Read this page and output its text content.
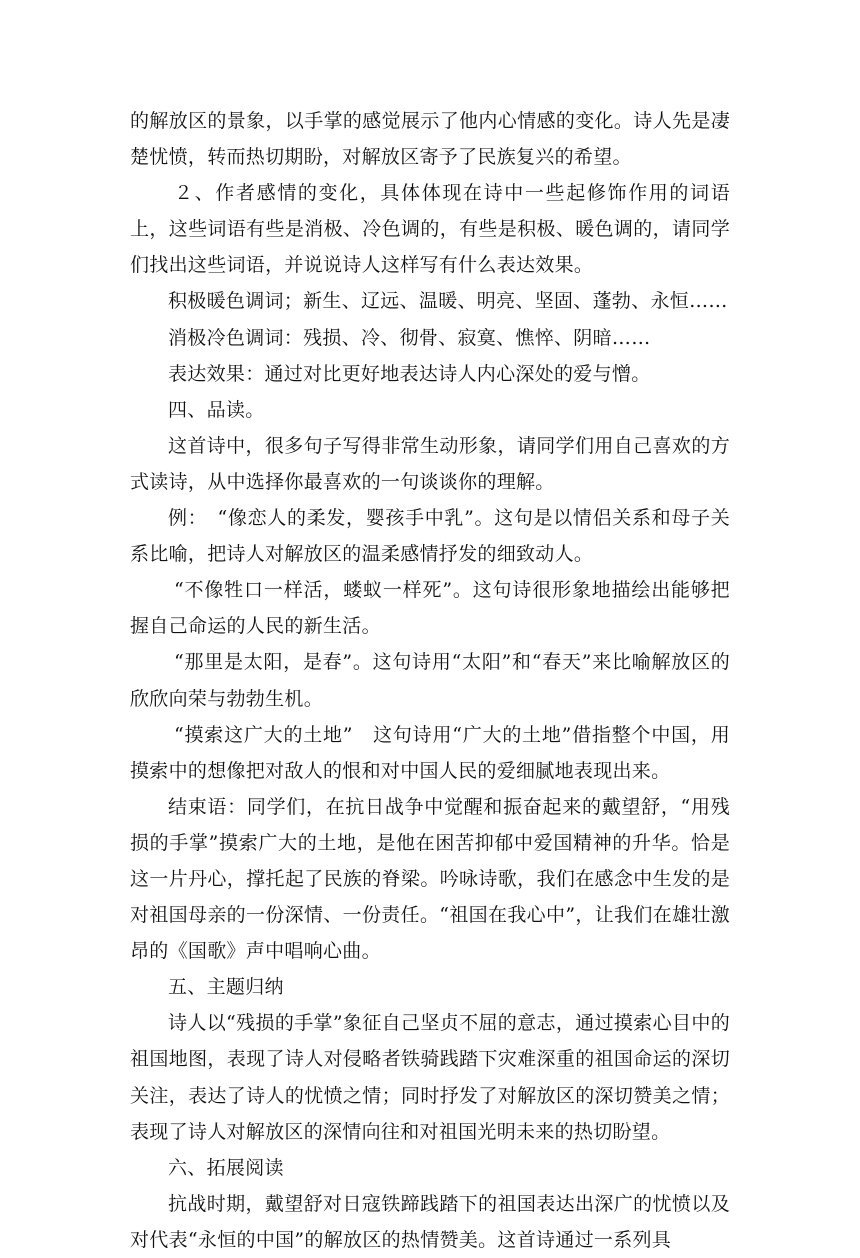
的解放区的景象，以手掌的感觉展示了他内心情感的变化。诗人先是凄楚忧愤，转而热切期盼，对解放区寄予了民族复兴的希望。

２、作者感情的变化，具体体现在诗中一些起修饰作用的词语上，这些词语有些是消极、冷色调的，有些是积极、暖色调的，请同学们找出这些词语，并说说诗人这样写有什么表达效果。

积极暖色调词；新生、辽远、温暖、明亮、坚固、蓬勃、永恒……

消极冷色调词：残损、冷、彻骨、寂寞、憔悴、阴暗……

表达效果：通过对比更好地表达诗人内心深处的爱与憎。

四、品读。

这首诗中，很多句子写得非常生动形象，请同学们用自己喜欢的方式读诗，从中选择你最喜欢的一句谈谈你的理解。

例：　“像恋人的柔发，婴孩手中乳”。这句是以情侣关系和母子关系比喻，把诗人对解放区的温柔感情抒发的细致动人。

“不像牲口一样活，蝼蚁一样死”。这句诗很形象地描绘出能够把握自己命运的人民的新生活。

“那里是太阳，是春”。这句诗用“太阳”和“春天”来比喻解放区的欣欣向荣与勃勃生机。

“摸索这广大的土地”　这句诗用“广大的土地”借指整个中国，用摸索中的想像把对敌人的恨和对中国人民的爱细腻地表现出来。

结束语：同学们，在抗日战争中觉醒和振奋起来的戴望舒，“用残损的手掌”摸索广大的土地，是他在困苦抑郁中爱国精神的升华。恰是这一片丹心，撑托起了民族的脊梁。吟咏诗歌，我们在感念中生发的是对祖国母亲的一份深情、一份责任。“祖国在我心中”，让我们在雄壮激昂的《国歌》声中唱响心曲。

五、主题归纳

诗人以“残损的手掌”象征自己坚贞不屈的意志，通过摸索心目中的祖国地图，表现了诗人对侵略者铁骑践踏下灾难深重的祖国命运的深切关注，表达了诗人的忧愤之情；同时抒发了对解放区的深切赞美之情；表现了诗人对解放区的深情向往和对祖国光明未来的热切盼望。

六、拓展阅读

抗战时期，戴望舒对日寇铁蹄践踏下的祖国表达出深广的忧愤以及对代表“永恒的中国”的解放区的热情赞美。这首诗通过一系列具
